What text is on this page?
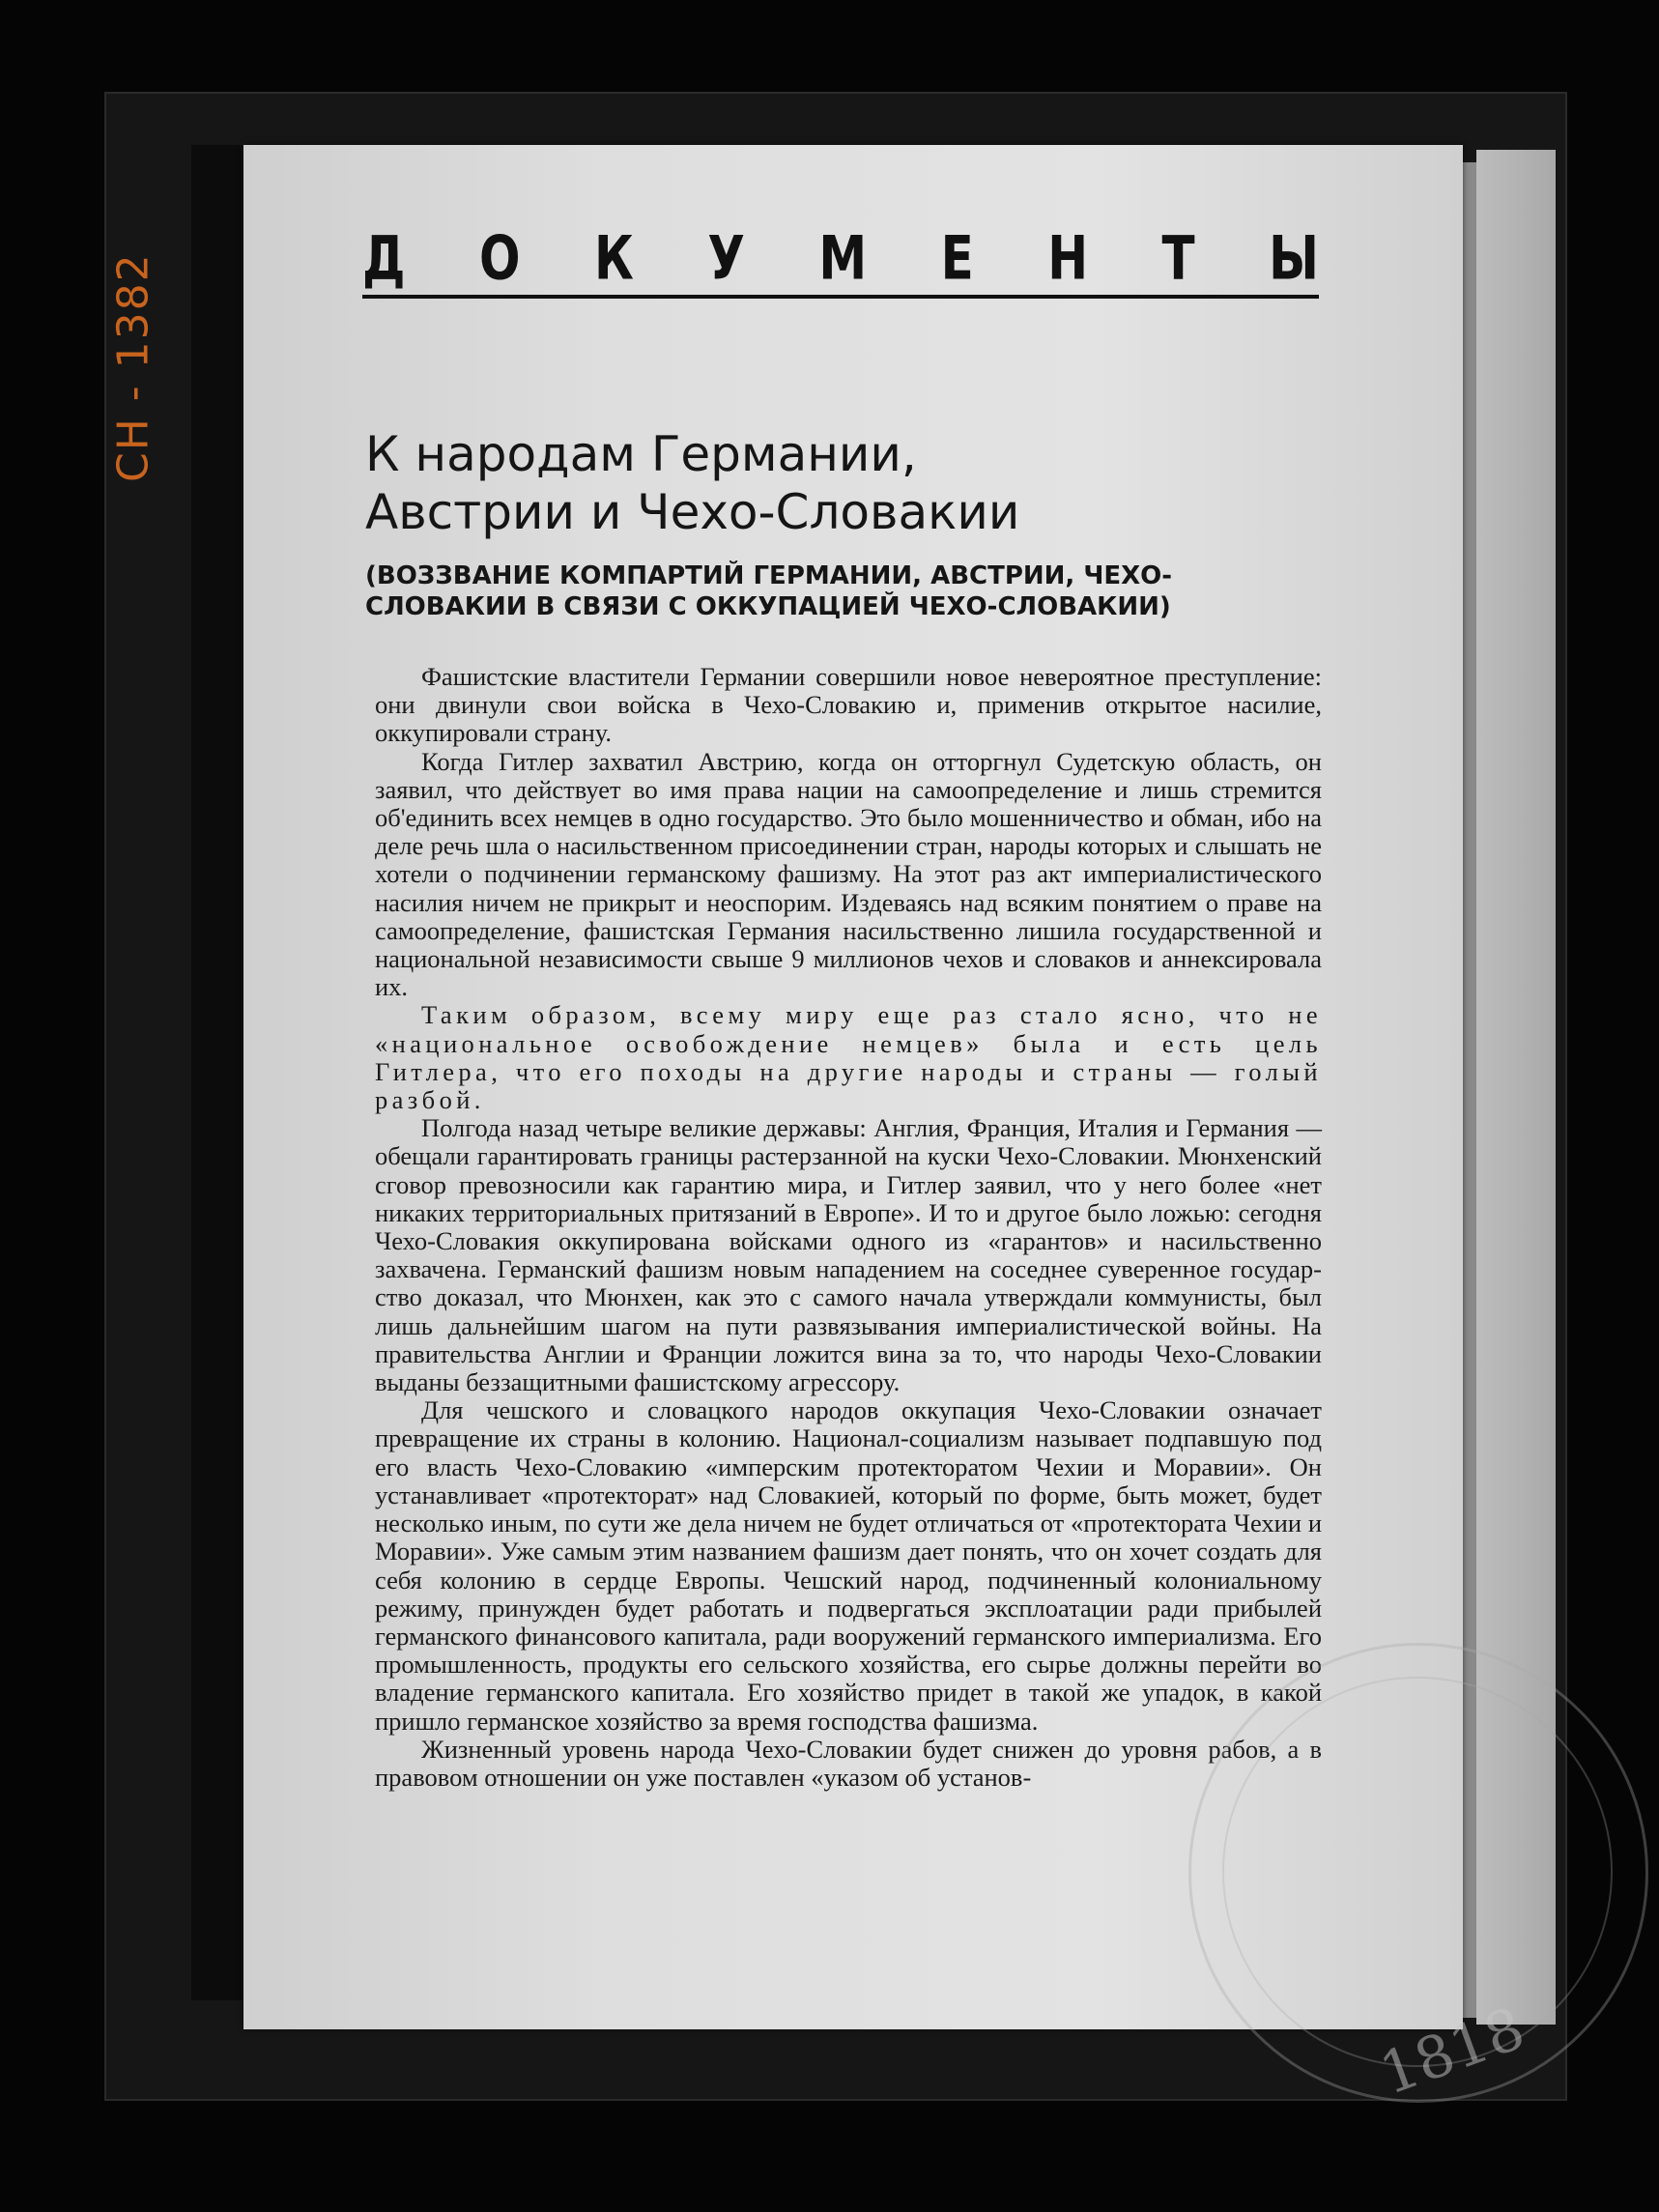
CH - 1382	Д О К У М Е Н Т Ы
К народам Германии,
Австрии и Чехо-Словакии
(ВОЗЗВАНИЕ КОМПАРТИЙ ГЕРМАНИИ, АВСТРИИ, ЧЕХО-СЛОВАКИИ В СВЯЗИ С ОККУПАЦИЕЙ ЧЕХО-СЛОВАКИИ)

Фашистские властители Германии совершили новое невероятное преступление: они двинули свои войска в Чехо-Словакию и, применив открытое насилие, оккупировали страну.

Когда Гитлер захватил Австрию, когда он отторгнул Судетскую область, он заявил, что действует во имя права нации на самоопределение и лишь стремится об'единить всех немцев в одно государство. Это было мошенничество и обман, ибо на деле речь шла о насильственном присоединении стран, народы которых и слышать не хотели о подчинении германскому фашизму. На этот раз акт империалистического насилия ничем не прикрыт и неоспорим. Издеваясь над всяким понятием о праве на самоопределение, фашистская Германия насильственно лишила государственной и национальной независимости свыше 9 миллионов чехов и словаков и аннексировала их.

Таким образом, всему миру еще раз стало ясно, что не «национальное освобождение немцев» была и есть цель Гитлера, что его походы на другие народы и страны — голый разбой.

Полгода назад четыре великие державы: Англия, Франция, Италия и Германия — обещали гарантировать границы растерзанной на куски Чехо-Словакии. Мюнхенский сговор превозносили как гарантию мира, и Гитлер заявил, что у него более «нет никаких территориальных притязаний в Европе». И то и другое было ложью: сегодня Чехо-Словакия оккупирована войсками одного из «гарантов» и насильственно захвачена. Германский фашизм новым нападением на соседнее суверенное государство доказал, что Мюнхен, как это с самого начала утверждали коммунисты, был лишь дальнейшим шагом на пути развязывания империалистической войны. На правительства Англии и Франции ложится вина за то, что народы Чехо-Словакии выданы беззащитными фашистскому агрессору.

Для чешского и словацкого народов оккупация Чехо-Словакии означает превращение их страны в колонию. Национал-социализм называет подпавшую под его власть Чехо-Словакию «имперским протекторатом Чехии и Моравии». Он устанавливает «протекторат» над Словакией, который по форме, быть может, будет несколько иным, по сути же дела ничем не будет отличаться от «протектората Чехии и Моравии». Уже самым этим названием фашизм дает понять, что он хочет создать для себя колонию в сердце Европы. Чешский народ, подчиненный колониальному режиму, принужден будет работать и подвергаться эксплоатации ради прибылей германского финансового капитала, ради вооружений германского империализма. Его промышленность, продукты его сельского хозяйства, его сырье должны перейти во владение германского капитала. Его хозяйство придет в такой же упадок, в какой пришло германское хозяйство за время господства фашизма.

Жизненный уровень народа Чехо-Словакии будет снижен до уровня рабов, а в правовом отношении он уже поставлен «указом об установ-

1818
